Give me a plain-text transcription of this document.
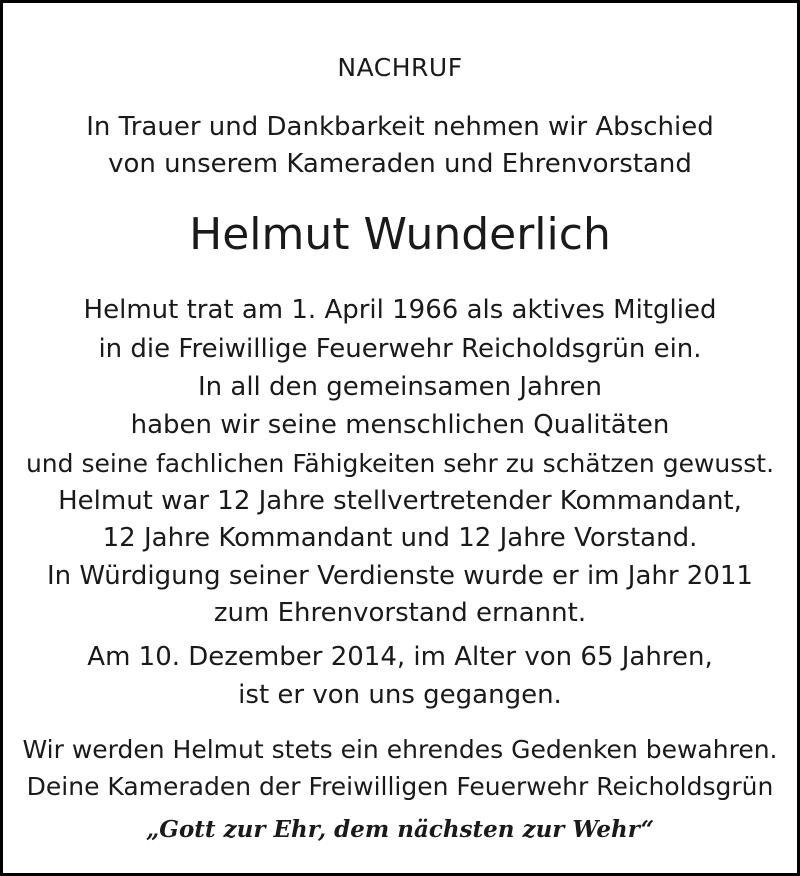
NACHRUF
In Trauer und Dankbarkeit nehmen wir Abschied
von unserem Kameraden und Ehrenvorstand
Helmut Wunderlich
Helmut trat am 1. April 1966 als aktives Mitglied
in die Freiwillige Feuerwehr Reicholdsgrün ein.
In all den gemeinsamen Jahren
haben wir seine menschlichen Qualitäten
und seine fachlichen Fähigkeiten sehr zu schätzen gewusst.
Helmut war 12 Jahre stellvertretender Kommandant,
12 Jahre Kommandant und 12 Jahre Vorstand.
In Würdigung seiner Verdienste wurde er im Jahr 2011
zum Ehrenvorstand ernannt.
Am 10. Dezember 2014, im Alter von 65 Jahren,
ist er von uns gegangen.
Wir werden Helmut stets ein ehrendes Gedenken bewahren.
Deine Kameraden der Freiwilligen Feuerwehr Reicholdsgrün
„Gott zur Ehr, dem nächsten zur Wehr“
